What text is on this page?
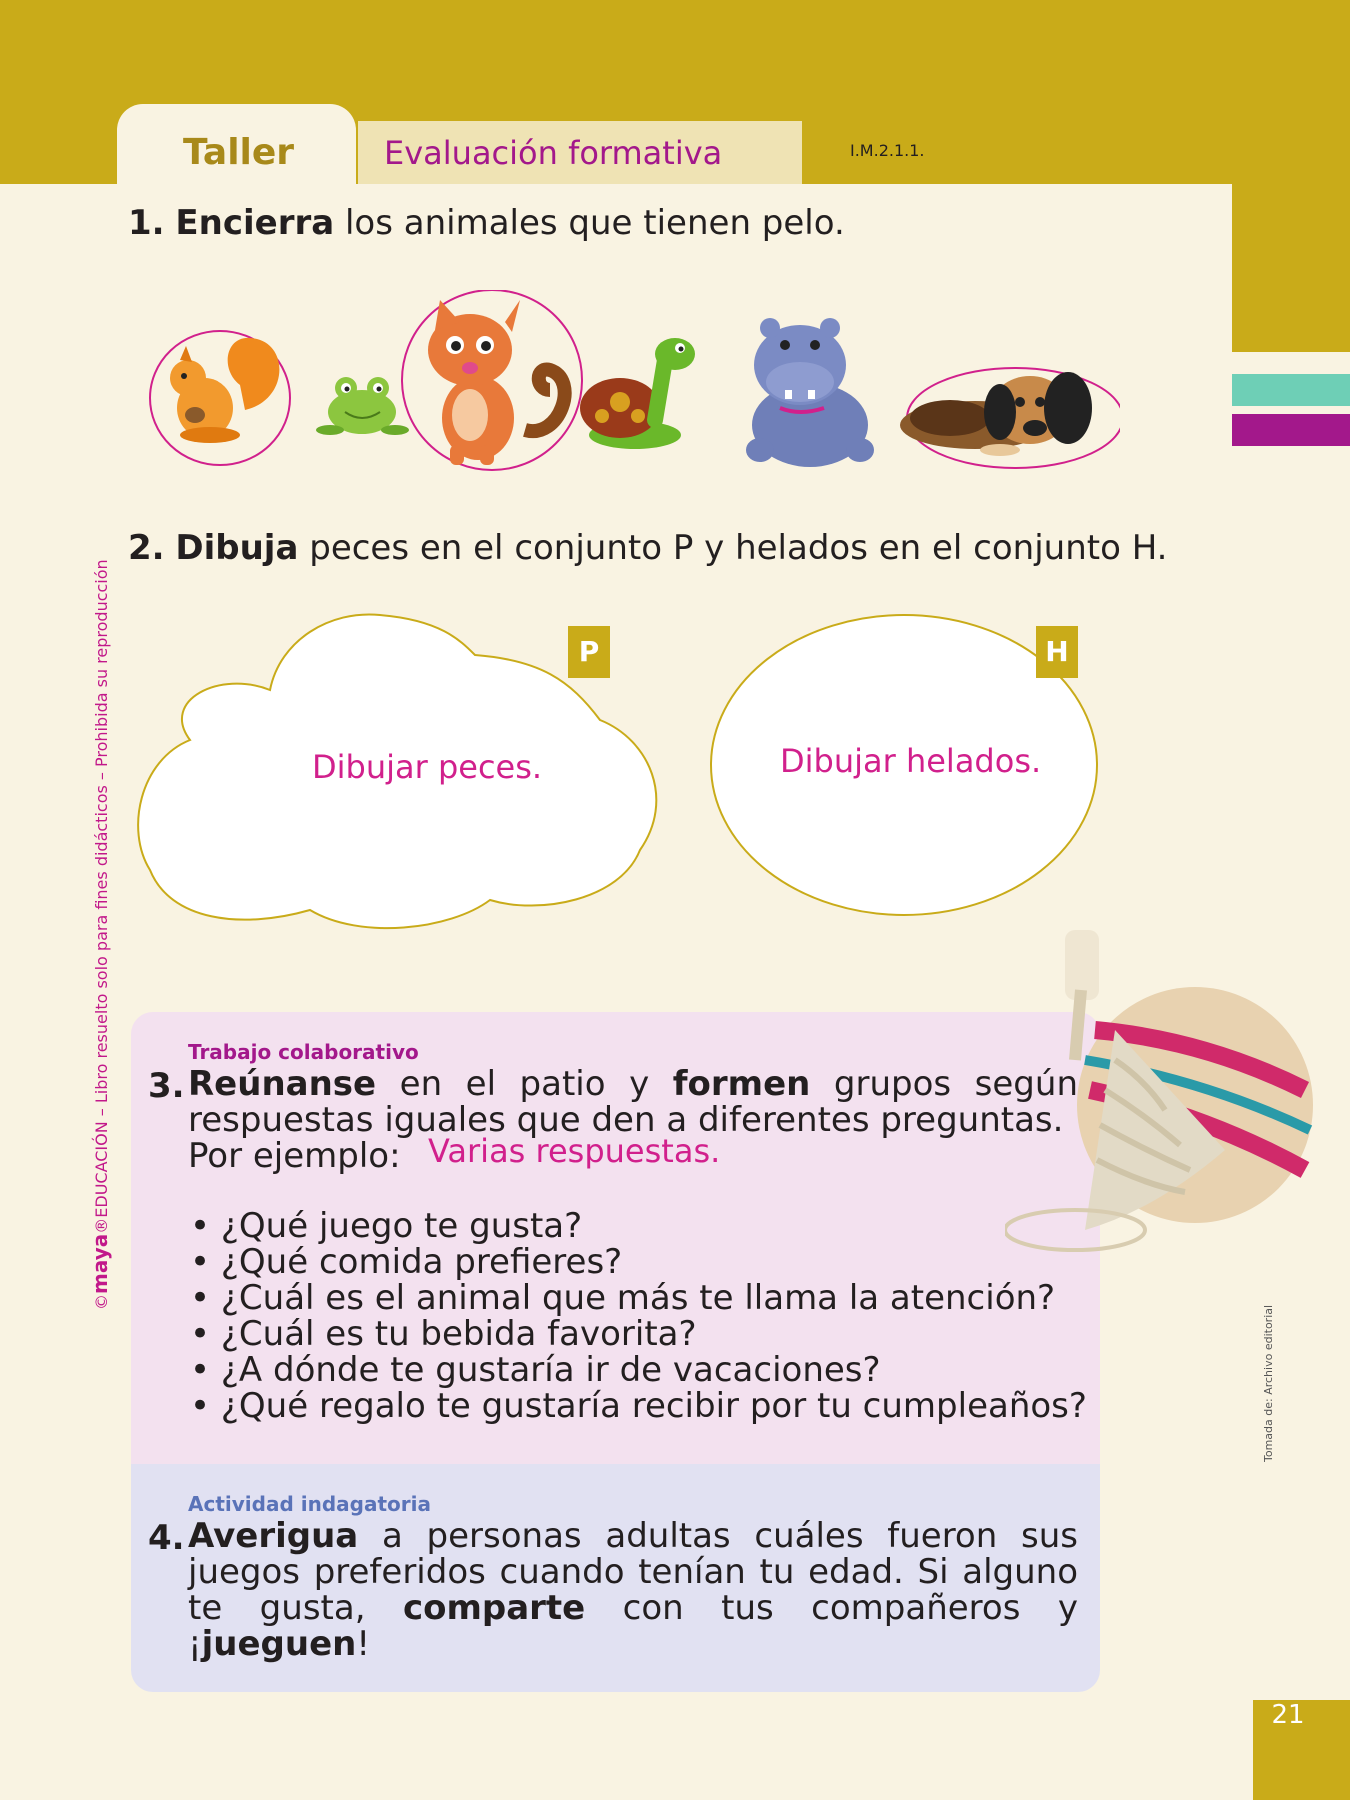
Taller	Evaluación formativa	I.M.2.1.1.
©maya®EDUCACIÓN – Libro resuelto solo para fines didácticos – Prohibida su reproducción
Tomada de: Archivo editorial
1. Encierra los animales que tienen pelo.
2. Dibuja peces en el conjunto P y helados en el conjunto H.
P
Dibujar peces.
H
Dibujar helados.
Trabajo colaborativo
3. Reúnanse en el patio y formen grupos según respuestas iguales que den a diferentes preguntas.
Por ejemplo: Varias respuestas.
• ¿Qué juego te gusta?
• ¿Qué comida prefieres?
• ¿Cuál es el animal que más te llama la atención?
• ¿Cuál es tu bebida favorita?
• ¿A dónde te gustaría ir de vacaciones?
• ¿Qué regalo te gustaría recibir por tu cumpleaños?
Actividad indagatoria
4. Averigua a personas adultas cuáles fueron sus juegos preferidos cuando tenían tu edad. Si alguno te gusta, comparte con tus compañeros y ¡jueguen!
21
